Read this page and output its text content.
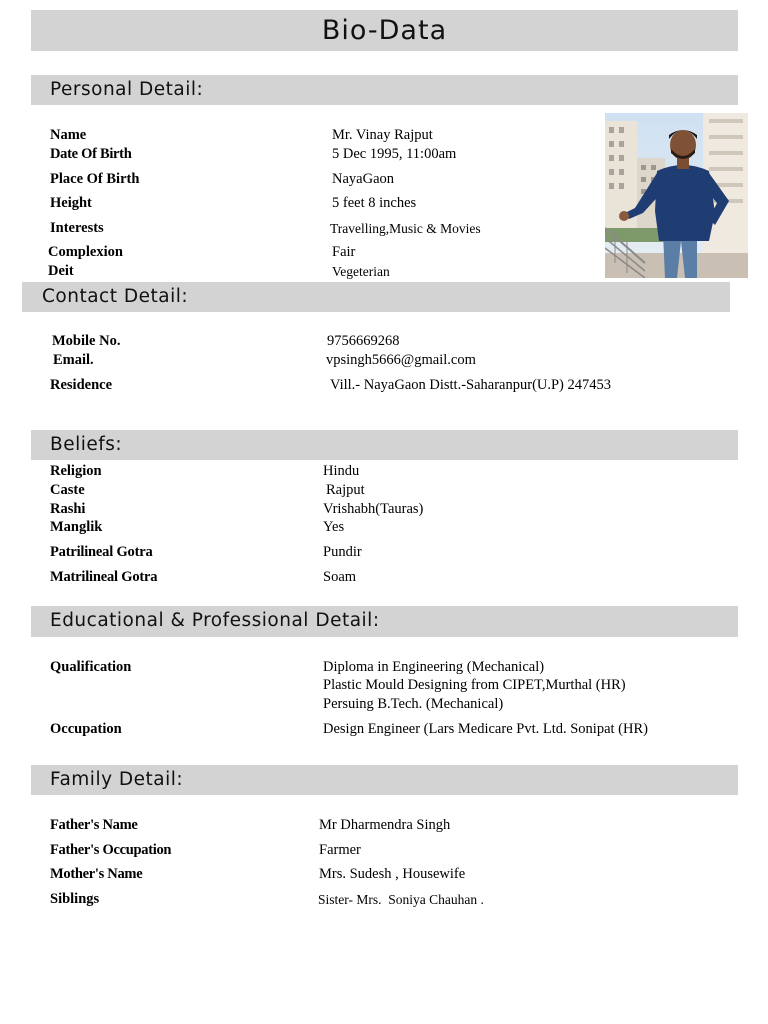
Bio-Data
Personal Detail:
Name	Mr. Vinay Rajput
Date Of Birth	5 Dec 1995, 11:00am
Place Of Birth	NayaGaon
Height	5 feet 8 inches
Interests	Travelling,Music & Movies
Complexion	Fair
Deit	Vegeterian
Contact Detail:
Mobile No.	9756669268
Email.	vpsingh5666@gmail.com
Residence	Vill.- NayaGaon Distt.-Saharanpur(U.P) 247453
Beliefs:
Religion	Hindu
Caste	Rajput
Rashi	Vrishabh(Tauras)
Manglik	Yes
Patrilineal Gotra	Pundir
Matrilineal Gotra	Soam
Educational & Professional Detail:
Qualification	Diploma in Engineering (Mechanical)
Plastic Mould Designing from CIPET,Murthal (HR)
Persuing B.Tech. (Mechanical)
Occupation	Design Engineer (Lars Medicare Pvt. Ltd. Sonipat (HR)
Family Detail:
Father's Name	Mr Dharmendra Singh
Father's Occupation	Farmer
Mother's Name	Mrs. Sudesh , Housewife
Siblings	Sister- Mrs.  Soniya Chauhan .
